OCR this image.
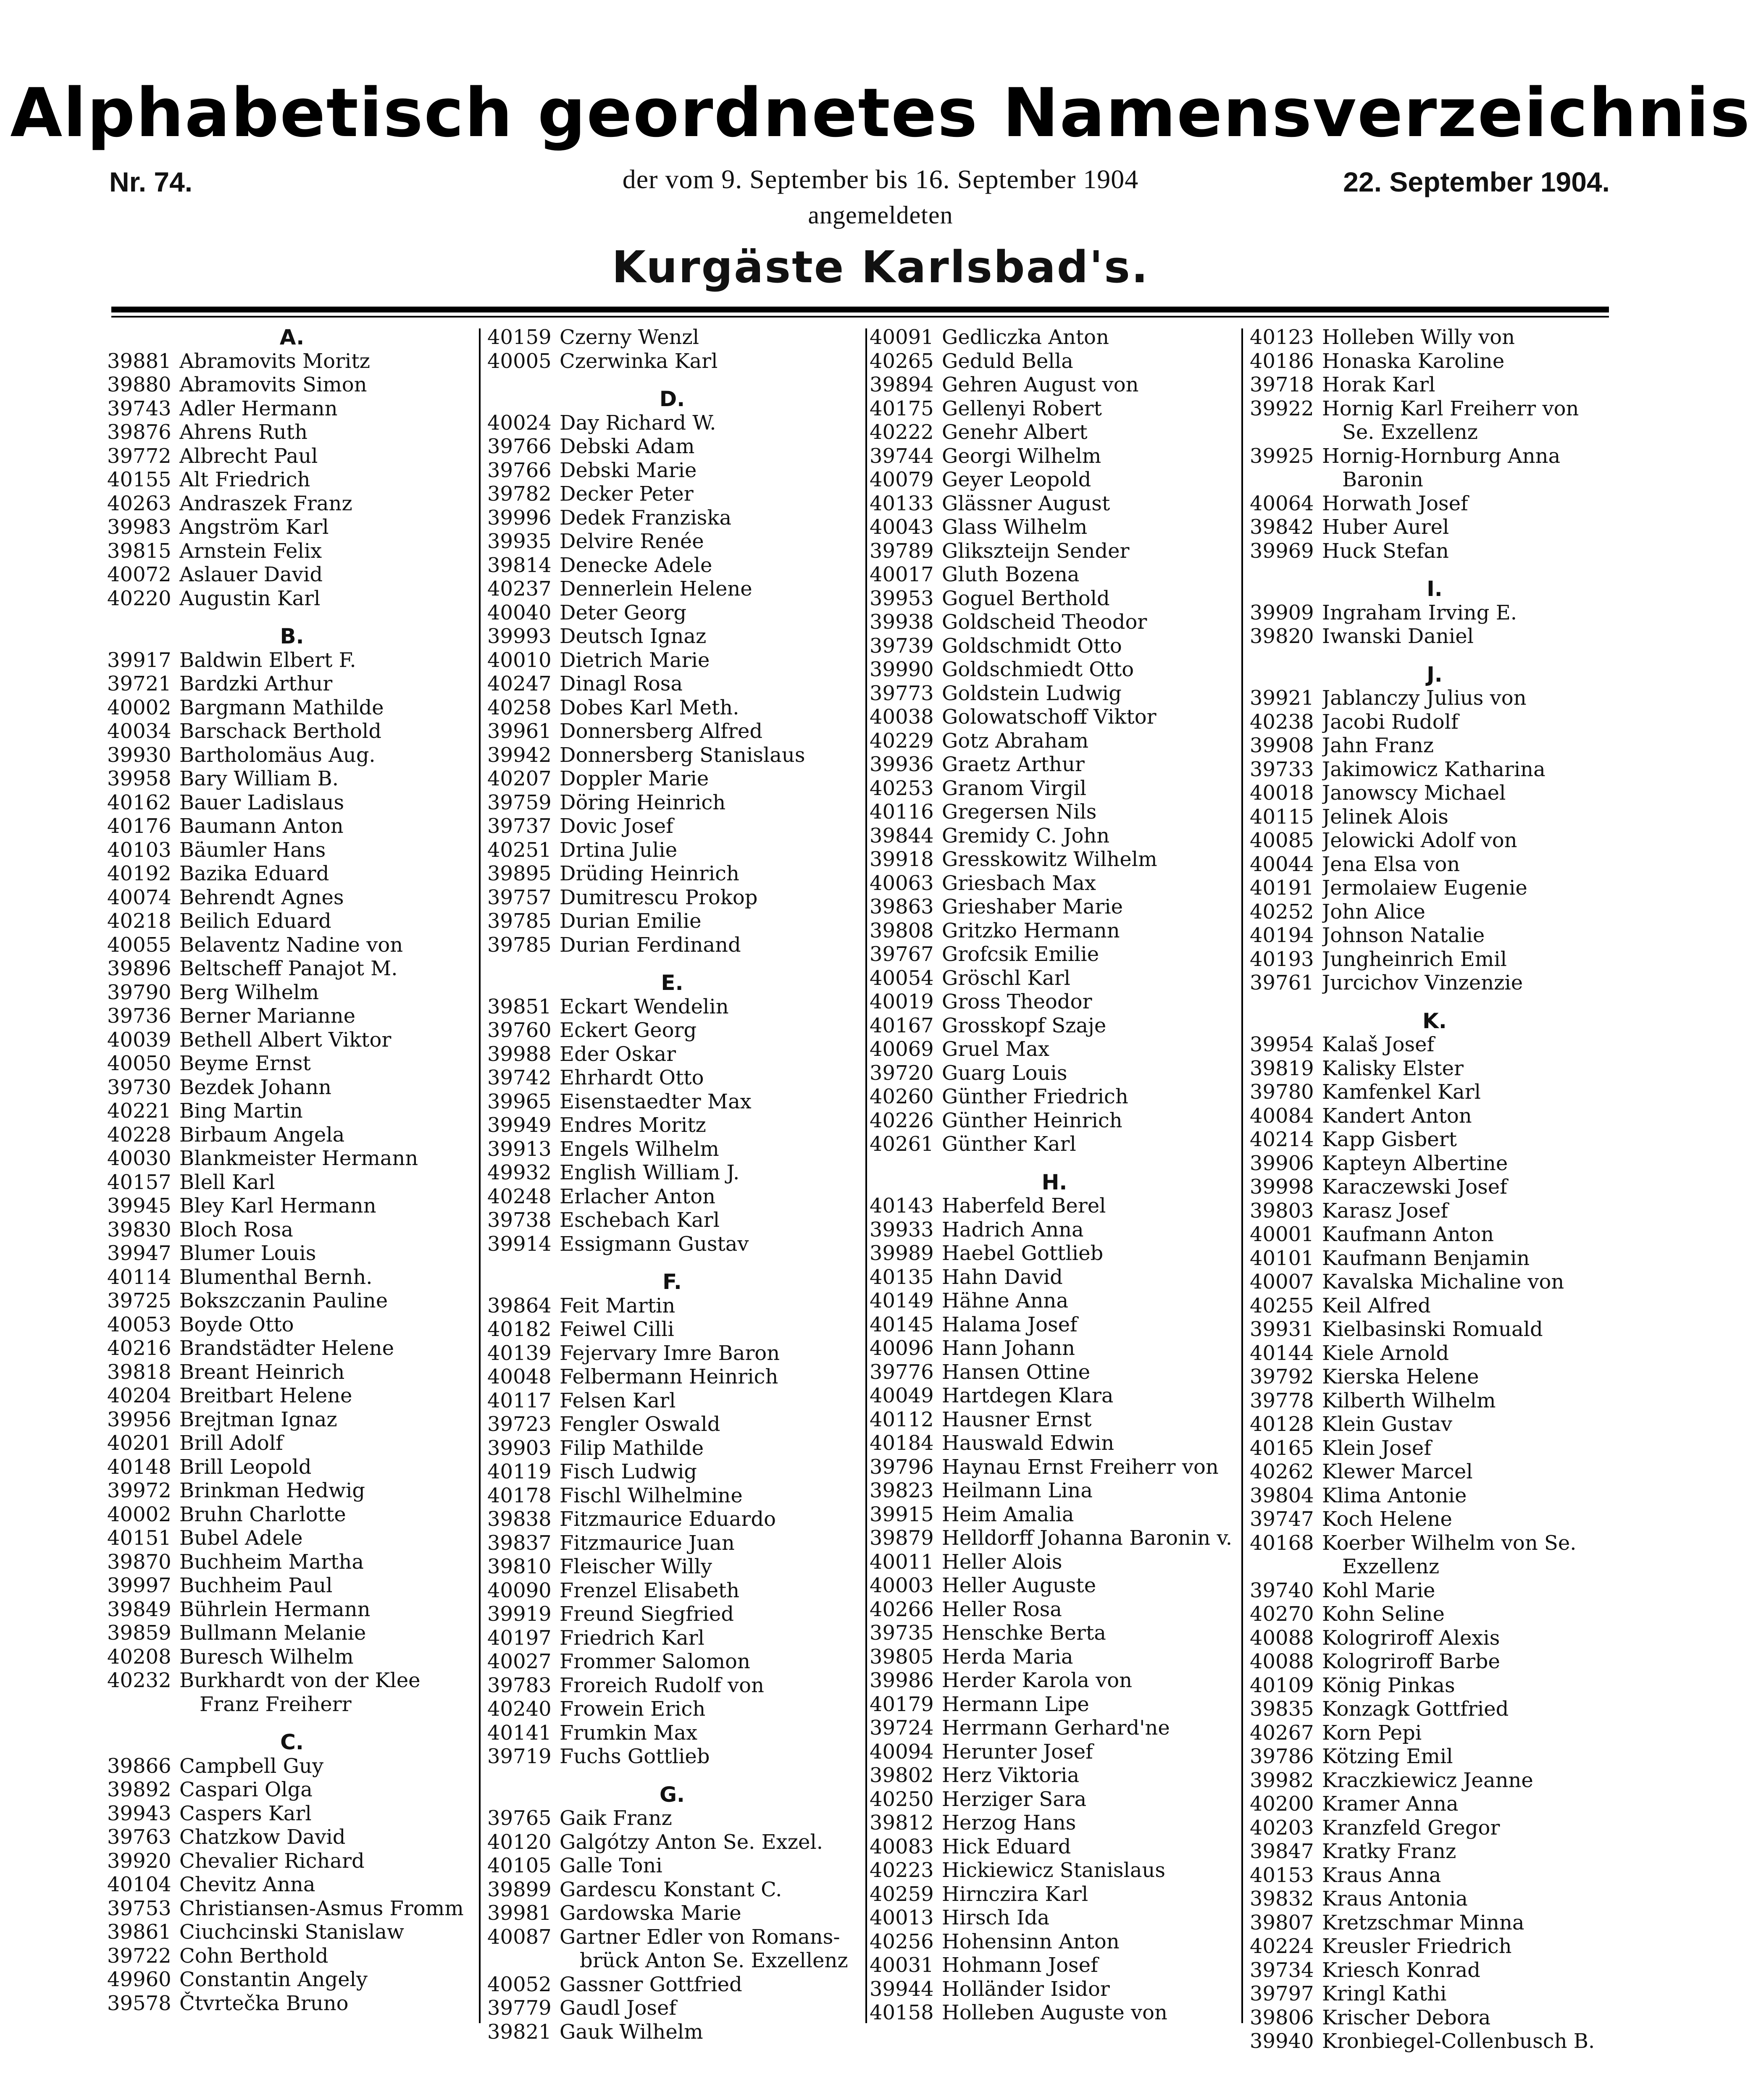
Alphabetisch geordnetes Namensverzeichnis
Nr. 74.	der vom 9. September bis 16. September 1904	22. September 1904.
angemeldeten
Kurgäste Karlsbad's.
A.
39881 Abramovits Moritz
39880 Abramovits Simon
39743 Adler Hermann
39876 Ahrens Ruth
39772 Albrecht Paul
40155 Alt Friedrich
40263 Andraszek Franz
39983 Angström Karl
39815 Arnstein Felix
40072 Aslauer David
40220 Augustin Karl
B.
39917 Baldwin Elbert F.
39721 Bardzki Arthur
40002 Bargmann Mathilde
40034 Barschack Berthold
39930 Bartholomäus Aug.
39958 Bary William B.
40162 Bauer Ladislaus
40176 Baumann Anton
40103 Bäumler Hans
40192 Bazika Eduard
40074 Behrendt Agnes
40218 Beilich Eduard
40055 Belaventz Nadine von
39896 Beltscheff Panajot M.
39790 Berg Wilhelm
39736 Berner Marianne
40039 Bethell Albert Viktor
40050 Beyme Ernst
39730 Bezdek Johann
40221 Bing Martin
40228 Birbaum Angela
40030 Blankmeister Hermann
40157 Blell Karl
39945 Bley Karl Hermann
39830 Bloch Rosa
39947 Blumer Louis
40114 Blumenthal Bernh.
39725 Bokszczanin Pauline
40053 Boyde Otto
40216 Brandstädter Helene
39818 Breant Heinrich
40204 Breitbart Helene
39956 Brejtman Ignaz
40201 Brill Adolf
40148 Brill Leopold
39972 Brinkman Hedwig
40002 Bruhn Charlotte
40151 Bubel Adele
39870 Buchheim Martha
39997 Buchheim Paul
39849 Bührlein Hermann
39859 Bullmann Melanie
40208 Buresch Wilhelm
40232 Burkhardt von der Klee
Franz Freiherr
C.
39866 Campbell Guy
39892 Caspari Olga
39943 Caspers Karl
39763 Chatzkow David
39920 Chevalier Richard
40104 Chevitz Anna
39753 Christiansen-Asmus Fromm
39861 Ciuchcinski Stanislaw
39722 Cohn Berthold
49960 Constantin Angely
39578 Čtvrtečka Bruno
40159 Czerny Wenzl
40005 Czerwinka Karl
D.
40024 Day Richard W.
39766 Debski Adam
39766 Debski Marie
39782 Decker Peter
39996 Dedek Franziska
39935 Delvire Renée
39814 Denecke Adele
40237 Dennerlein Helene
40040 Deter Georg
39993 Deutsch Ignaz
40010 Dietrich Marie
40247 Dinagl Rosa
40258 Dobes Karl Meth.
39961 Donnersberg Alfred
39942 Donnersberg Stanislaus
40207 Doppler Marie
39759 Döring Heinrich
39737 Dovic Josef
40251 Drtina Julie
39895 Drüding Heinrich
39757 Dumitrescu Prokop
39785 Durian Emilie
39785 Durian Ferdinand
E.
39851 Eckart Wendelin
39760 Eckert Georg
39988 Eder Oskar
39742 Ehrhardt Otto
39965 Eisenstaedter Max
39949 Endres Moritz
39913 Engels Wilhelm
49932 English William J.
40248 Erlacher Anton
39738 Eschebach Karl
39914 Essigmann Gustav
F.
39864 Feit Martin
40182 Feiwel Cilli
40139 Fejervary Imre Baron
40048 Felbermann Heinrich
40117 Felsen Karl
39723 Fengler Oswald
39903 Filip Mathilde
40119 Fisch Ludwig
40178 Fischl Wilhelmine
39838 Fitzmaurice Eduardo
39837 Fitzmaurice Juan
39810 Fleischer Willy
40090 Frenzel Elisabeth
39919 Freund Siegfried
40197 Friedrich Karl
40027 Frommer Salomon
39783 Froreich Rudolf von
40240 Frowein Erich
40141 Frumkin Max
39719 Fuchs Gottlieb
G.
39765 Gaik Franz
40120 Galgótzy Anton Se. Exzel.
40105 Galle Toni
39899 Gardescu Konstant C.
39981 Gardowska Marie
40087 Gartner Edler von Romans-
brück Anton Se. Exzellenz
40052 Gassner Gottfried
39779 Gaudl Josef
39821 Gauk Wilhelm
40091 Gedliczka Anton
40265 Geduld Bella
39894 Gehren August von
40175 Gellenyi Robert
40222 Genehr Albert
39744 Georgi Wilhelm
40079 Geyer Leopold
40133 Glässner August
40043 Glass Wilhelm
39789 Glikszteijn Sender
40017 Gluth Bozena
39953 Goguel Berthold
39938 Goldscheid Theodor
39739 Goldschmidt Otto
39990 Goldschmiedt Otto
39773 Goldstein Ludwig
40038 Golowatschoff Viktor
40229 Gotz Abraham
39936 Graetz Arthur
40253 Granom Virgil
40116 Gregersen Nils
39844 Gremidy C. John
39918 Gresskowitz Wilhelm
40063 Griesbach Max
39863 Grieshaber Marie
39808 Gritzko Hermann
39767 Grofcsik Emilie
40054 Gröschl Karl
40019 Gross Theodor
40167 Grosskopf Szaje
40069 Gruel Max
39720 Guarg Louis
40260 Günther Friedrich
40226 Günther Heinrich
40261 Günther Karl
H.
40143 Haberfeld Berel
39933 Hadrich Anna
39989 Haebel Gottlieb
40135 Hahn David
40149 Hähne Anna
40145 Halama Josef
40096 Hann Johann
39776 Hansen Ottine
40049 Hartdegen Klara
40112 Hausner Ernst
40184 Hauswald Edwin
39796 Haynau Ernst Freiherr von
39823 Heilmann Lina
39915 Heim Amalia
39879 Helldorff Johanna Baronin v.
40011 Heller Alois
40003 Heller Auguste
40266 Heller Rosa
39735 Henschke Berta
39805 Herda Maria
39986 Herder Karola von
40179 Hermann Lipe
39724 Herrmann Gerhard'ne
40094 Herunter Josef
39802 Herz Viktoria
40250 Herziger Sara
39812 Herzog Hans
40083 Hick Eduard
40223 Hickiewicz Stanislaus
40259 Hirnczira Karl
40013 Hirsch Ida
40256 Hohensinn Anton
40031 Hohmann Josef
39944 Holländer Isidor
40158 Holleben Auguste von
40123 Holleben Willy von
40186 Honaska Karoline
39718 Horak Karl
39922 Hornig Karl Freiherr von
Se. Exzellenz
39925 Hornig-Hornburg Anna
Baronin
40064 Horwath Josef
39842 Huber Aurel
39969 Huck Stefan
I.
39909 Ingraham Irving E.
39820 Iwanski Daniel
J.
39921 Jablanczy Julius von
40238 Jacobi Rudolf
39908 Jahn Franz
39733 Jakimowicz Katharina
40018 Janowscy Michael
40115 Jelinek Alois
40085 Jelowicki Adolf von
40044 Jena Elsa von
40191 Jermolaiew Eugenie
40252 John Alice
40194 Johnson Natalie
40193 Jungheinrich Emil
39761 Jurcichov Vinzenzie
K.
39954 Kalaš Josef
39819 Kalisky Elster
39780 Kamfenkel Karl
40084 Kandert Anton
40214 Kapp Gisbert
39906 Kapteyn Albertine
39998 Karaczewski Josef
39803 Karasz Josef
40001 Kaufmann Anton
40101 Kaufmann Benjamin
40007 Kavalska Michaline von
40255 Keil Alfred
39931 Kielbasinski Romuald
40144 Kiele Arnold
39792 Kierska Helene
39778 Kilberth Wilhelm
40128 Klein Gustav
40165 Klein Josef
40262 Klewer Marcel
39804 Klima Antonie
39747 Koch Helene
40168 Koerber Wilhelm von Se.
Exzellenz
39740 Kohl Marie
40270 Kohn Seline
40088 Kologriroff Alexis
40088 Kologriroff Barbe
40109 König Pinkas
39835 Konzagk Gottfried
40267 Korn Pepi
39786 Kötzing Emil
39982 Kraczkiewicz Jeanne
40200 Kramer Anna
40203 Kranzfeld Gregor
39847 Kratky Franz
40153 Kraus Anna
39832 Kraus Antonia
39807 Kretzschmar Minna
40224 Kreusler Friedrich
39734 Kriesch Konrad
39797 Kringl Kathi
39806 Krischer Debora
39940 Kronbiegel-Collenbusch B.
